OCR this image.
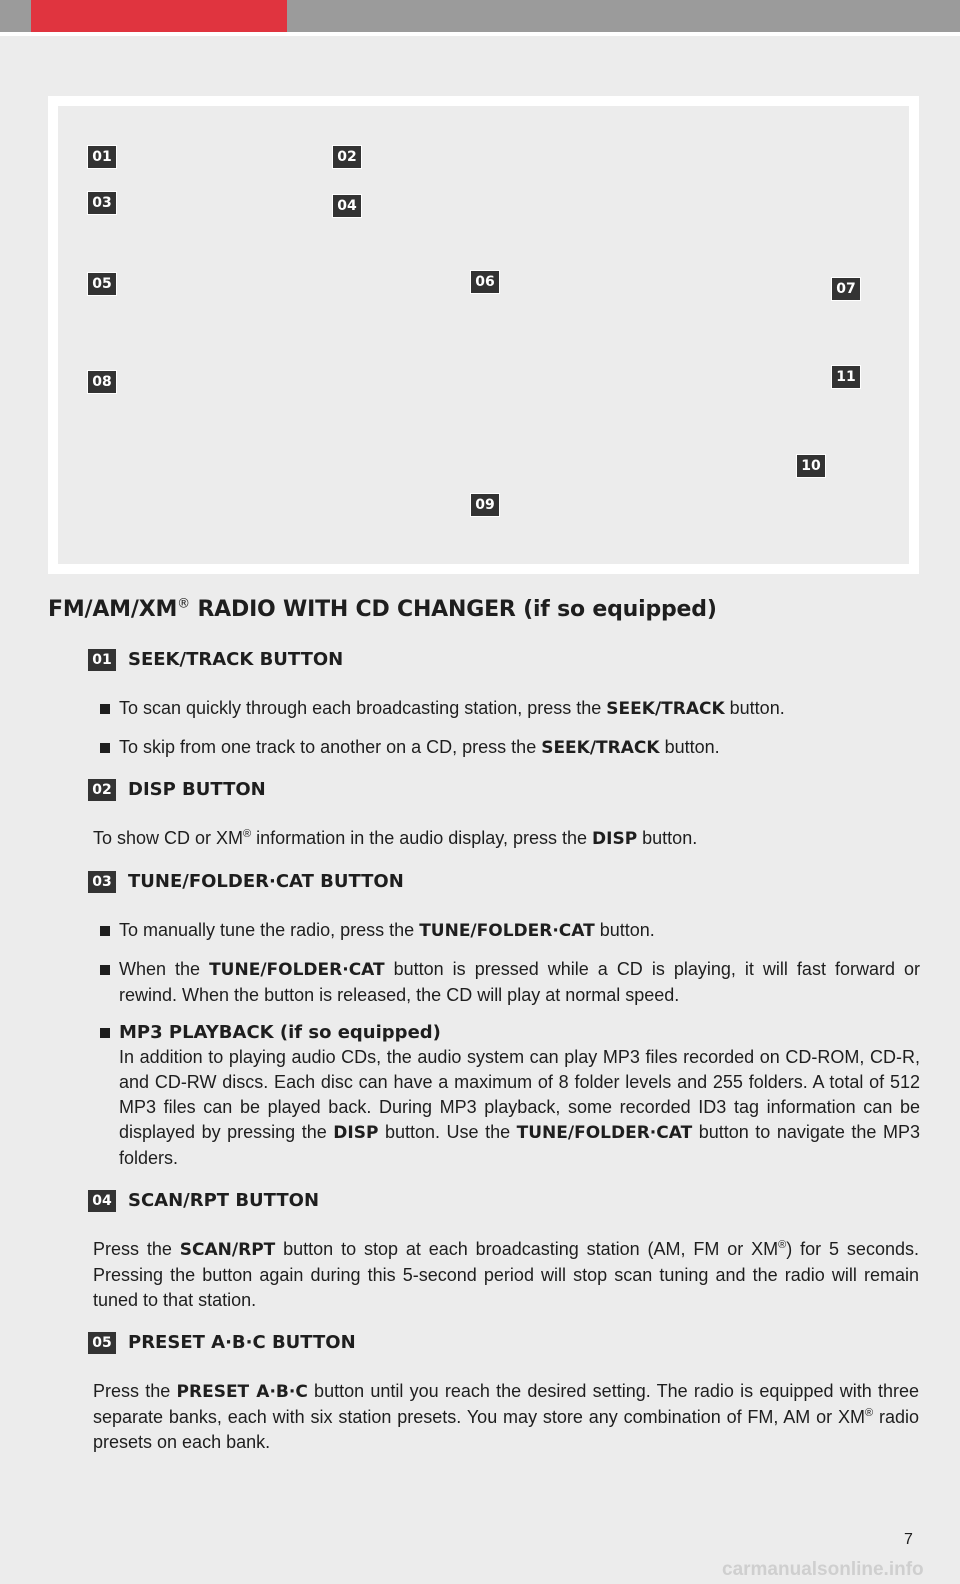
01	02
03	04
05	06	07
08	11
10
09
FM/AM/XM® RADIO WITH CD CHANGER (if so equipped)
01 SEEK/TRACK BUTTON
To scan quickly through each broadcasting station, press the SEEK/TRACK button.
To skip from one track to another on a CD, press the SEEK/TRACK button.
02 DISP BUTTON
To show CD or XM® information in the audio display, press the DISP button.
03 TUNE/FOLDER·CAT BUTTON
To manually tune the radio, press the TUNE/FOLDER·CAT button.
When the TUNE/FOLDER·CAT button is pressed while a CD is playing, it will fast forward or rewind. When the button is released, the CD will play at normal speed.
MP3 PLAYBACK (if so equipped)
In addition to playing audio CDs, the audio system can play MP3 files recorded on CD-ROM, CD-R, and CD-RW discs. Each disc can have a maximum of 8 folder levels and 255 folders. A total of 512 MP3 files can be played back. During MP3 playback, some recorded ID3 tag information can be displayed by pressing the DISP button. Use the TUNE/FOLDER·CAT button to navigate the MP3 folders.
04 SCAN/RPT BUTTON
Press the SCAN/RPT button to stop at each broadcasting station (AM, FM or XM®) for 5 seconds. Pressing the button again during this 5-second period will stop scan tuning and the radio will remain tuned to that station.
05 PRESET A·B·C BUTTON
Press the PRESET A·B·C button until you reach the desired setting. The radio is equipped with three separate banks, each with six station presets. You may store any combination of FM, AM or XM® radio presets on each bank.
7
carmanualsonline.info
